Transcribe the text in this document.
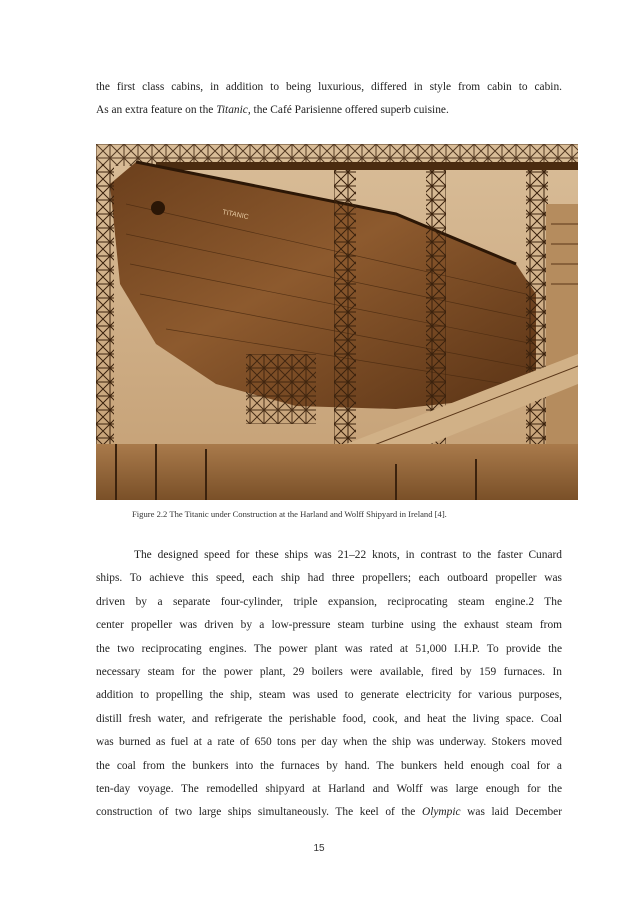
the first class cabins, in addition to being luxurious, differed in style from cabin to cabin.
As an extra feature on the Titanic, the Café Parisienne offered superb cuisine.
TITANIC
Figure 2.2 The Titanic under Construction at the Harland and Wolff Shipyard in Ireland [4].
The designed speed for these ships was 21–22 knots, in contrast to the faster Cunard
ships. To achieve this speed, each ship had three propellers; each outboard propeller was
driven by a separate four-cylinder, triple expansion, reciprocating steam engine.2 The
center propeller was driven by a low-pressure steam turbine using the exhaust steam from
the two reciprocating engines. The power plant was rated at 51,000 I.H.P. To provide the
necessary steam for the power plant, 29 boilers were available, fired by 159 furnaces. In
addition to propelling the ship, steam was used to generate electricity for various purposes,
distill fresh water, and refrigerate the perishable food, cook, and heat the living space. Coal
was burned as fuel at a rate of 650 tons per day when the ship was underway. Stokers moved
the coal from the bunkers into the furnaces by hand. The bunkers held enough coal for a
ten-day voyage. The remodelled shipyard at Harland and Wolff was large enough for the
construction of two large ships simultaneously. The keel of the Olympic was laid December
15
